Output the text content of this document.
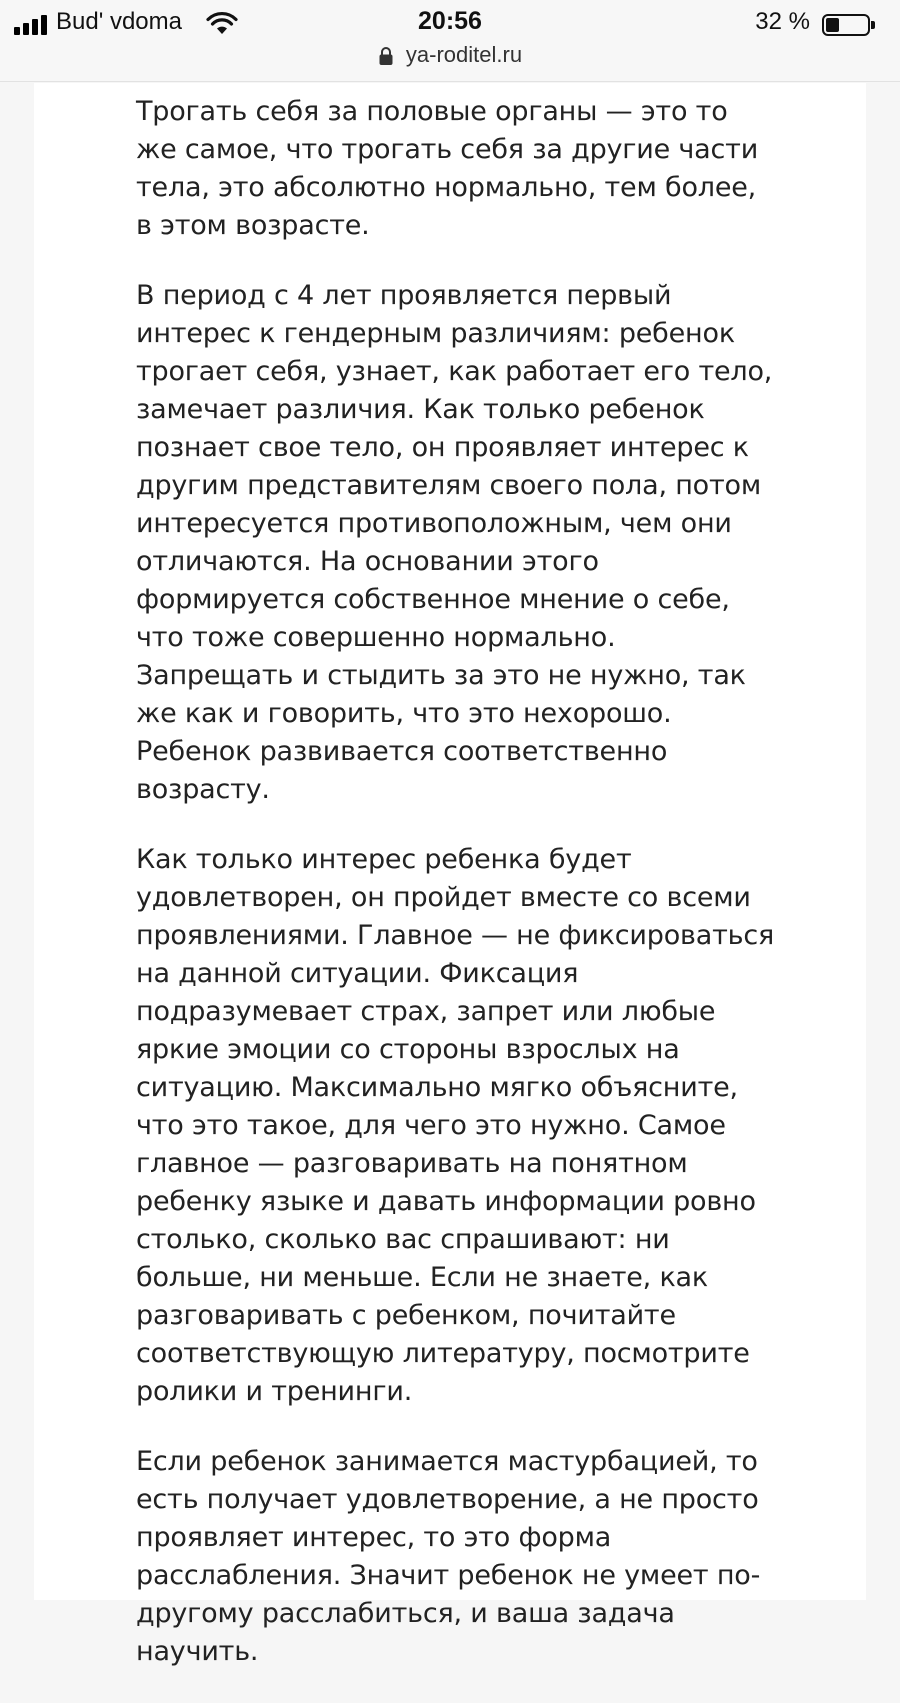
Bud' vdoma	20:56	32 %
ya-roditel.ru

Трогать себя за половые органы — это то же самое, что трогать себя за другие части тела, это абсолютно нормально, тем более, в этом возрасте.

В период с 4 лет проявляется первый интерес к гендерным различиям: ребенок трогает себя, узнает, как работает его тело, замечает различия. Как только ребенок познает свое тело, он проявляет интерес к другим представителям своего пола, потом интересуется противоположным, чем они отличаются. На основании этого формируется собственное мнение о себе, что тоже совершенно нормально. Запрещать и стыдить за это не нужно, так же как и говорить, что это нехорошо. Ребенок развивается соответственно возрасту.

Как только интерес ребенка будет удовлетворен, он пройдет вместе со всеми проявлениями. Главное — не фиксироваться на данной ситуации. Фиксация подразумевает страх, запрет или любые яркие эмоции со стороны взрослых на ситуацию. Максимально мягко объясните, что это такое, для чего это нужно. Самое главное — разговаривать на понятном ребенку языке и давать информации ровно столько, сколько вас спрашивают: ни больше, ни меньше. Если не знаете, как разговаривать с ребенком, почитайте соответствующую литературу, посмотрите ролики и тренинги.

Если ребенок занимается мастурбацией, то есть получает удовлетворение, а не просто проявляет интерес, то это форма расслабления. Значит ребенок не умеет по-другому расслабиться, и ваша задача научить.
